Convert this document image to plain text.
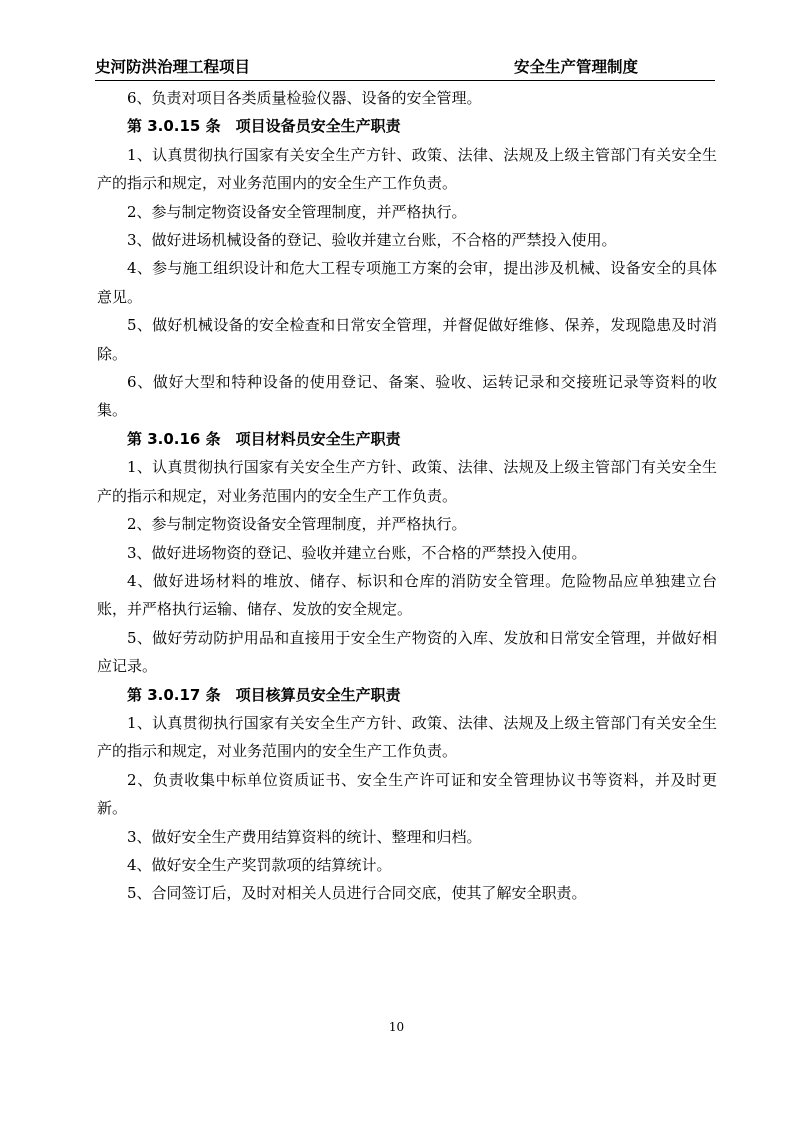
史河防洪治理工程项目	安全生产管理制度

6、负责对项目各类质量检验仪器、设备的安全管理。

第 3.0.15 条　项目设备员安全生产职责

1、认真贯彻执行国家有关安全生产方针、政策、法律、法规及上级主管部门有关安全生产的指示和规定，对业务范围内的安全生产工作负责。

2、参与制定物资设备安全管理制度，并严格执行。

3、做好进场机械设备的登记、验收并建立台账，不合格的严禁投入使用。

4、参与施工组织设计和危大工程专项施工方案的会审，提出涉及机械、设备安全的具体意见。

5、做好机械设备的安全检查和日常安全管理，并督促做好维修、保养，发现隐患及时消除。

6、做好大型和特种设备的使用登记、备案、验收、运转记录和交接班记录等资料的收集。

第 3.0.16 条　项目材料员安全生产职责

1、认真贯彻执行国家有关安全生产方针、政策、法律、法规及上级主管部门有关安全生产的指示和规定，对业务范围内的安全生产工作负责。

2、参与制定物资设备安全管理制度，并严格执行。

3、做好进场物资的登记、验收并建立台账，不合格的严禁投入使用。

4、做好进场材料的堆放、储存、标识和仓库的消防安全管理。危险物品应单独建立台账，并严格执行运输、储存、发放的安全规定。

5、做好劳动防护用品和直接用于安全生产物资的入库、发放和日常安全管理，并做好相应记录。

第 3.0.17 条　项目核算员安全生产职责

1、认真贯彻执行国家有关安全生产方针、政策、法律、法规及上级主管部门有关安全生产的指示和规定，对业务范围内的安全生产工作负责。

2、负责收集中标单位资质证书、安全生产许可证和安全管理协议书等资料，并及时更新。

3、做好安全生产费用结算资料的统计、整理和归档。

4、做好安全生产奖罚款项的结算统计。

5、合同签订后，及时对相关人员进行合同交底，使其了解安全职责。

10
